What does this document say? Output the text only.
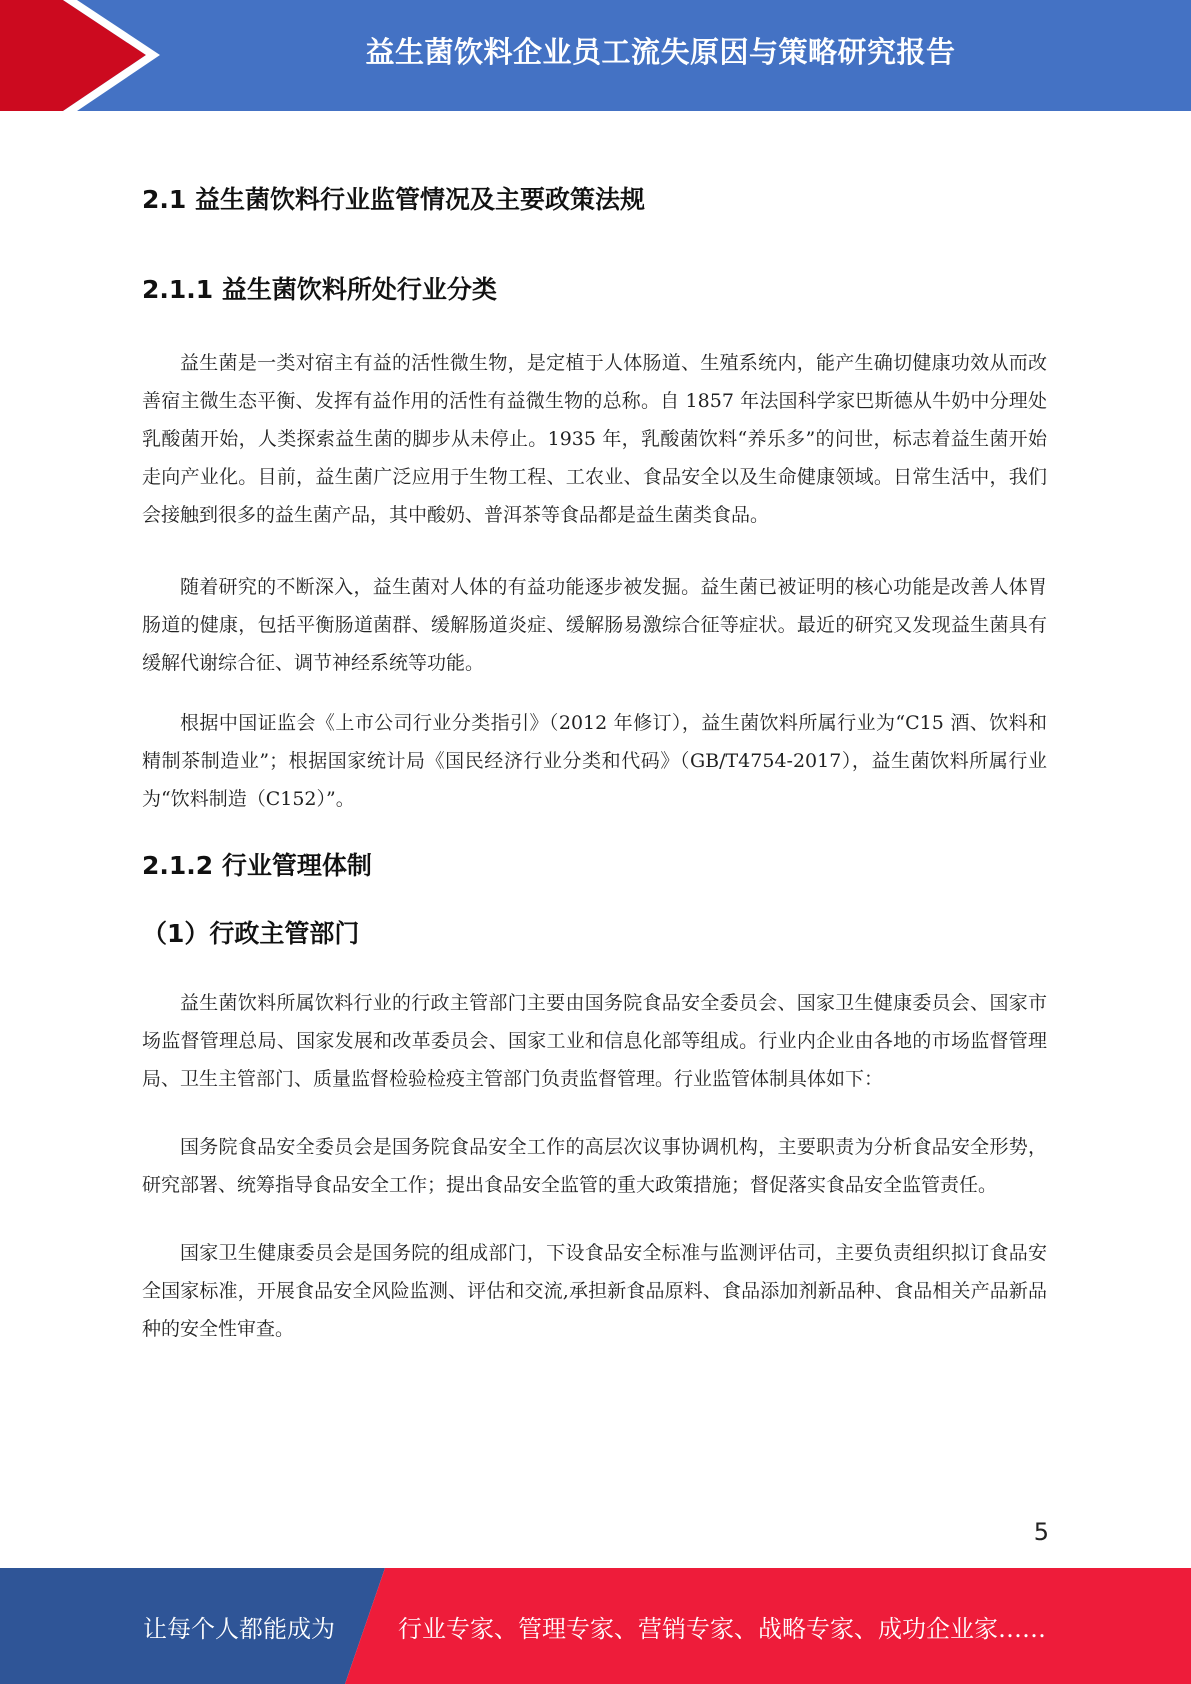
益生菌饮料企业员工流失原因与策略研究报告
2.1 益生菌饮料行业监管情况及主要政策法规
2.1.1 益生菌饮料所处行业分类

益生菌是一类对宿主有益的活性微生物，是定植于人体肠道、生殖系统内，能产生确切健康功效从而改善宿主微生态平衡、发挥有益作用的活性有益微生物的总称。自 1857 年法国科学家巴斯德从牛奶中分理处乳酸菌开始，人类探索益生菌的脚步从未停止。1935 年，乳酸菌饮料“养乐多”的问世，标志着益生菌开始走向产业化。目前，益生菌广泛应用于生物工程、工农业、食品安全以及生命健康领域。日常生活中，我们会接触到很多的益生菌产品，其中酸奶、普洱茶等食品都是益生菌类食品。

随着研究的不断深入，益生菌对人体的有益功能逐步被发掘。益生菌已被证明的核心功能是改善人体胃肠道的健康，包括平衡肠道菌群、缓解肠道炎症、缓解肠易激综合征等症状。最近的研究又发现益生菌具有缓解代谢综合征、调节神经系统等功能。

根据中国证监会《上市公司行业分类指引》（2012 年修订），益生菌饮料所属行业为“C15 酒、饮料和精制茶制造业”；根据国家统计局《国民经济行业分类和代码》（GB/T4754-2017），益生菌饮料所属行业为“饮料制造（C152）”。

2.1.2 行业管理体制
（1）行政主管部门

益生菌饮料所属饮料行业的行政主管部门主要由国务院食品安全委员会、国家卫生健康委员会、国家市场监督管理总局、国家发展和改革委员会、国家工业和信息化部等组成。行业内企业由各地的市场监督管理局、卫生主管部门、质量监督检验检疫主管部门负责监督管理。行业监管体制具体如下：

国务院食品安全委员会是国务院食品安全工作的高层次议事协调机构，主要职责为分析食品安全形势，研究部署、统筹指导食品安全工作；提出食品安全监管的重大政策措施；督促落实食品安全监管责任。

国家卫生健康委员会是国务院的组成部门，下设食品安全标准与监测评估司，主要负责组织拟订食品安全国家标准，开展食品安全风险监测、评估和交流,承担新食品原料、食品添加剂新品种、食品相关产品新品种的安全性审查。

5
让每个人都能成为	行业专家、管理专家、营销专家、战略专家、成功企业家……
